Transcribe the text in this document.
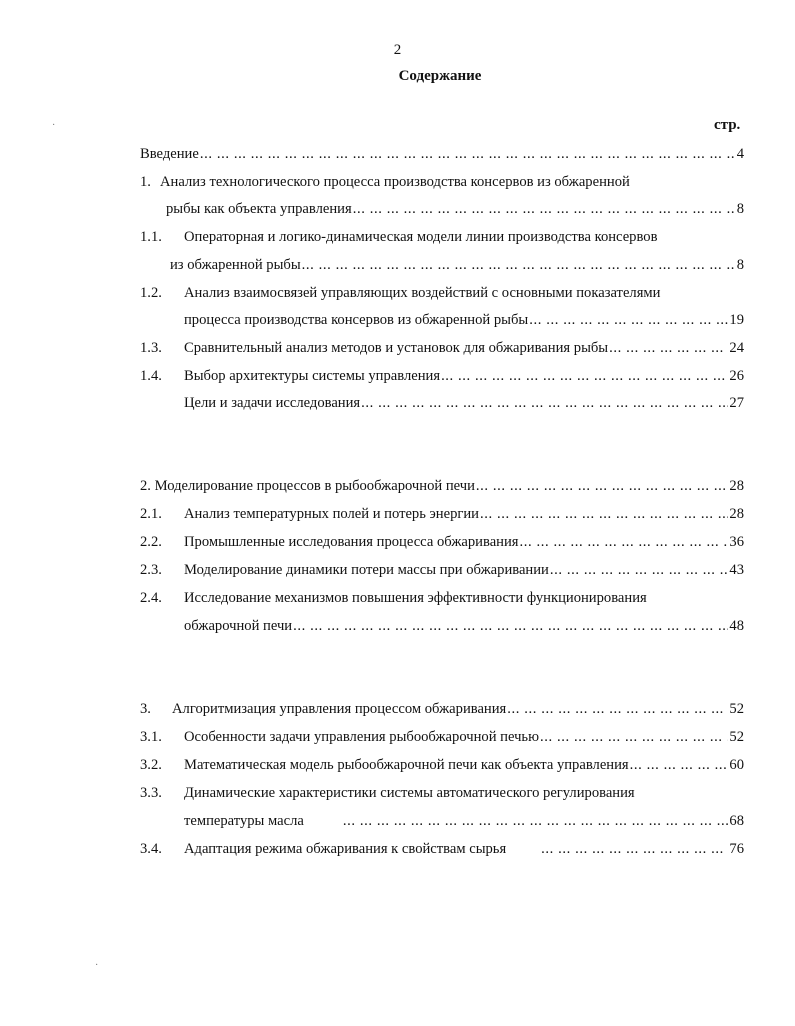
2
Содержание
стр.
Введение ... .	4
1. Анализ технологического процесса производства консервов из обжаренной
рыбы как объекта управления ... .	8
1.1. Операторная и логико-динамическая модели линии производства консервов
из обжаренной рыбы ... .	8
1.2. Анализ взаимосвязей управляющих воздействий с основными показателями
процесса производства консервов из обжаренной рыбы ... .	19
1.3. Сравнительный анализ методов и установок для обжаривания рыбы ... .	24
1.4. Выбор архитектуры системы управления ... .	26
Цели и задачи исследования ... .	27
2. Моделирование процессов в рыбообжарочной печи ... .	28
2.1. Анализ температурных полей и потерь энергии ... .	28
2.2. Промышленные исследования процесса обжаривания ... .	36
2.3. Моделирование динамики потери массы при обжаривании ... .	43
2.4. Исследование механизмов повышения эффективности функционирования
обжарочной печи ... .	48
3. Алгоритмизация управления процессом обжаривания ... .	52
3.1. Особенности задачи управления рыбообжарочной печью ... .	52
3.2. Математическая модель рыбообжарочной печи как объекта управления ... .	60
3.3. Динамические характеристики системы автоматического регулирования
температуры масла ... .	68
3.4. Адаптация режима обжаривания к свойствам сырья ... .	76
·
·
